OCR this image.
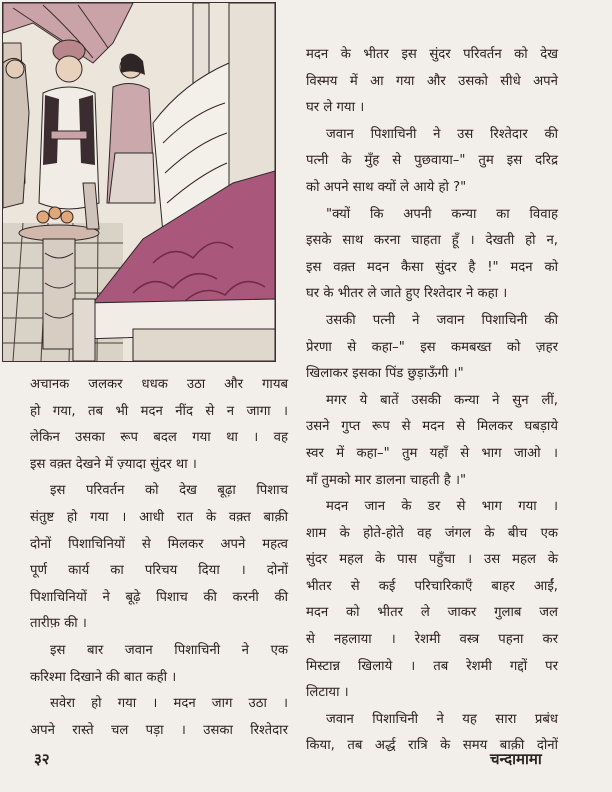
मदन के भीतर इस सुंदर परिवर्तन को देख

विस्मय में आ गया और उसको सीधे अपने

घर ले गया ।

जवान पिशाचिनी ने उस रिश्तेदार की

पत्नी के मुँह से पुछवाया–" तुम इस दरिद्र

को अपने साथ क्यों ले आये हो ?"

"क्यों कि अपनी कन्या का विवाह

इसके साथ करना चाहता हूँ । देखती हो न,

इस वक़्त मदन कैसा सुंदर है !" मदन को

घर के भीतर ले जाते हुए रिश्तेदार ने कहा ।

उसकी पत्नी ने जवान पिशाचिनी की

प्रेरणा से कहा–" इस कमबख्त को ज़हर

खिलाकर इसका पिंड छुड़ाऊँगी ।"

मगर ये बातें उसकी कन्या ने सुन लीं,

उसने गुप्त रूप से मदन से मिलकर घबड़ाये

स्वर में कहा–" तुम यहाँ से भाग जाओ ।

माँ तुमको मार डालना चाहती है ।"

मदन जान के डर से भाग गया ।

शाम के होते-होते वह जंगल के बीच एक

सुंदर महल के पास पहुँचा । उस महल के

भीतर से कई परिचारिकाएँ बाहर आईं,

मदन को भीतर ले जाकर गुलाब जल

से नहलाया । रेशमी वस्त्र पहना कर

मिस्टान्न खिलाये । तब रेशमी गद्दों पर

लिटाया ।

जवान पिशाचिनी ने यह सारा प्रबंध

किया, तब अर्द्ध रात्रि के समय बाक़ी दोनों

अचानक जलकर धधक उठा और गायब

हो गया, तब भी मदन नींद से न जागा ।

लेकिन उसका रूप बदल गया था । वह

इस वक़्त देखने में ज़्यादा सुंदर था ।

इस परिवर्तन को देख बूढ़ा पिशाच

संतुष्ट हो गया । आधी रात के वक़्त बाक़ी

दोनों पिशाचिनियों से मिलकर अपने महत्व

पूर्ण कार्य का परिचय दिया । दोनों

पिशाचिनियों ने बूढ़े पिशाच की करनी की

तारीफ़ की ।

इस बार जवान पिशाचिनी ने एक

करिश्मा दिखाने की बात कही ।

सवेरा हो गया । मदन जाग उठा ।

अपने रास्ते चल पड़ा । उसका रिश्तेदार

३२	चन्दामामा
